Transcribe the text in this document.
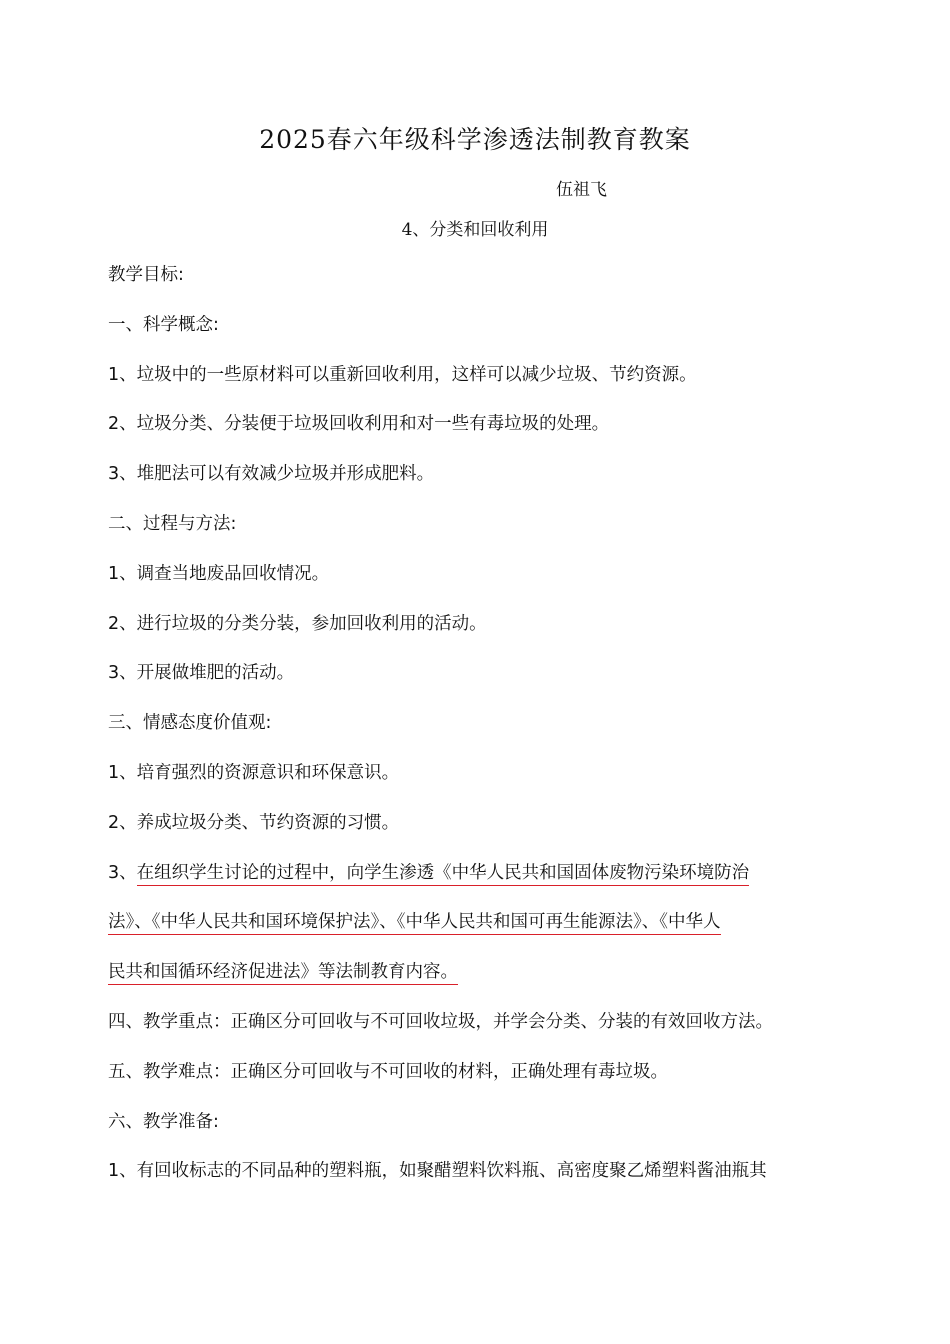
2025春六年级科学渗透法制教育教案
伍祖飞
4、分类和回收利用
教学目标:
一、科学概念:
1、垃圾中的一些原材料可以重新回收利用，这样可以减少垃圾、节约资源。
2、垃圾分类、分装便于垃圾回收利用和对一些有毒垃圾的处理。
3、堆肥法可以有效减少垃圾并形成肥料。
二、过程与方法:
1、调查当地废品回收情况。
2、进行垃圾的分类分装，参加回收利用的活动。
3、开展做堆肥的活动。
三、情感态度价值观:
1、培育强烈的资源意识和环保意识。
2、养成垃圾分类、节约资源的习惯。
3、在组织学生讨论的过程中，向学生渗透《中华人民共和国固体废物污染环境防治
法》、《中华人民共和国环境保护法》、《中华人民共和国可再生能源法》、《中华人
民共和国循环经济促进法》等法制教育内容。
四、教学重点：正确区分可回收与不可回收垃圾，并学会分类、分装的有效回收方法。
五、教学难点：正确区分可回收与不可回收的材料，正确处理有毒垃圾。
六、教学准备:
1、有回收标志的不同品种的塑料瓶，如聚醋塑料饮料瓶、高密度聚乙烯塑料酱油瓶其
